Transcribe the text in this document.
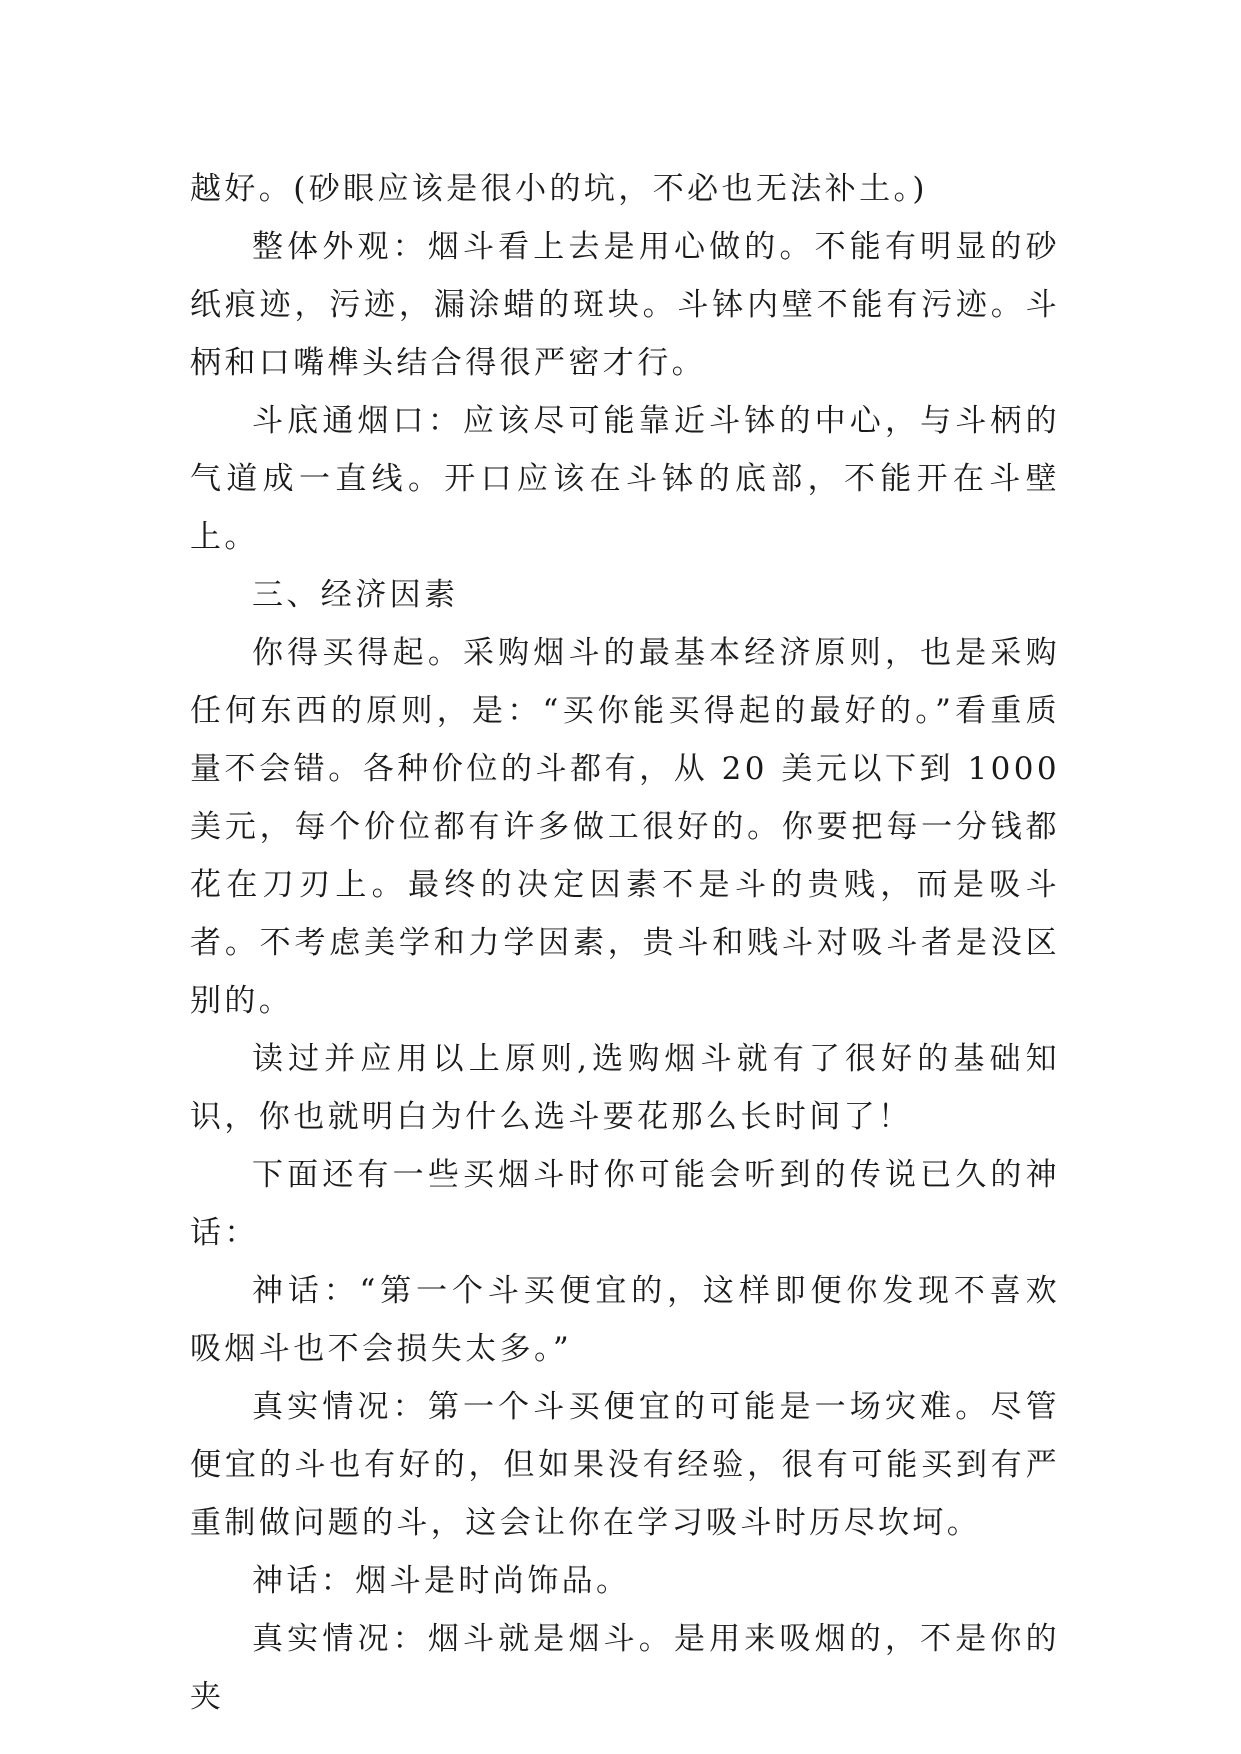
越好。(砂眼应该是很小的坑，不必也无法补土。)

整体外观：烟斗看上去是用心做的。不能有明显的砂纸痕迹，污迹，漏涂蜡的斑块。斗钵内壁不能有污迹。斗柄和口嘴榫头结合得很严密才行。

斗底通烟口：应该尽可能靠近斗钵的中心，与斗柄的气道成一直线。开口应该在斗钵的底部，不能开在斗壁上。

三、经济因素

你得买得起。采购烟斗的最基本经济原则，也是采购任何东西的原则，是：“买你能买得起的最好的。”看重质量不会错。各种价位的斗都有，从 20 美元以下到 1000 美元，每个价位都有许多做工很好的。你要把每一分钱都花在刀刃上。最终的决定因素不是斗的贵贱，而是吸斗者。不考虑美学和力学因素，贵斗和贱斗对吸斗者是没区别的。

读过并应用以上原则,选购烟斗就有了很好的基础知识，你也就明白为什么选斗要花那么长时间了！

下面还有一些买烟斗时你可能会听到的传说已久的神话：

神话：“第一个斗买便宜的，这样即便你发现不喜欢吸烟斗也不会损失太多。”

真实情况：第一个斗买便宜的可能是一场灾难。尽管便宜的斗也有好的，但如果没有经验，很有可能买到有严重制做问题的斗，这会让你在学习吸斗时历尽坎坷。

神话：烟斗是时尚饰品。

真实情况：烟斗就是烟斗。是用来吸烟的，不是你的夹
